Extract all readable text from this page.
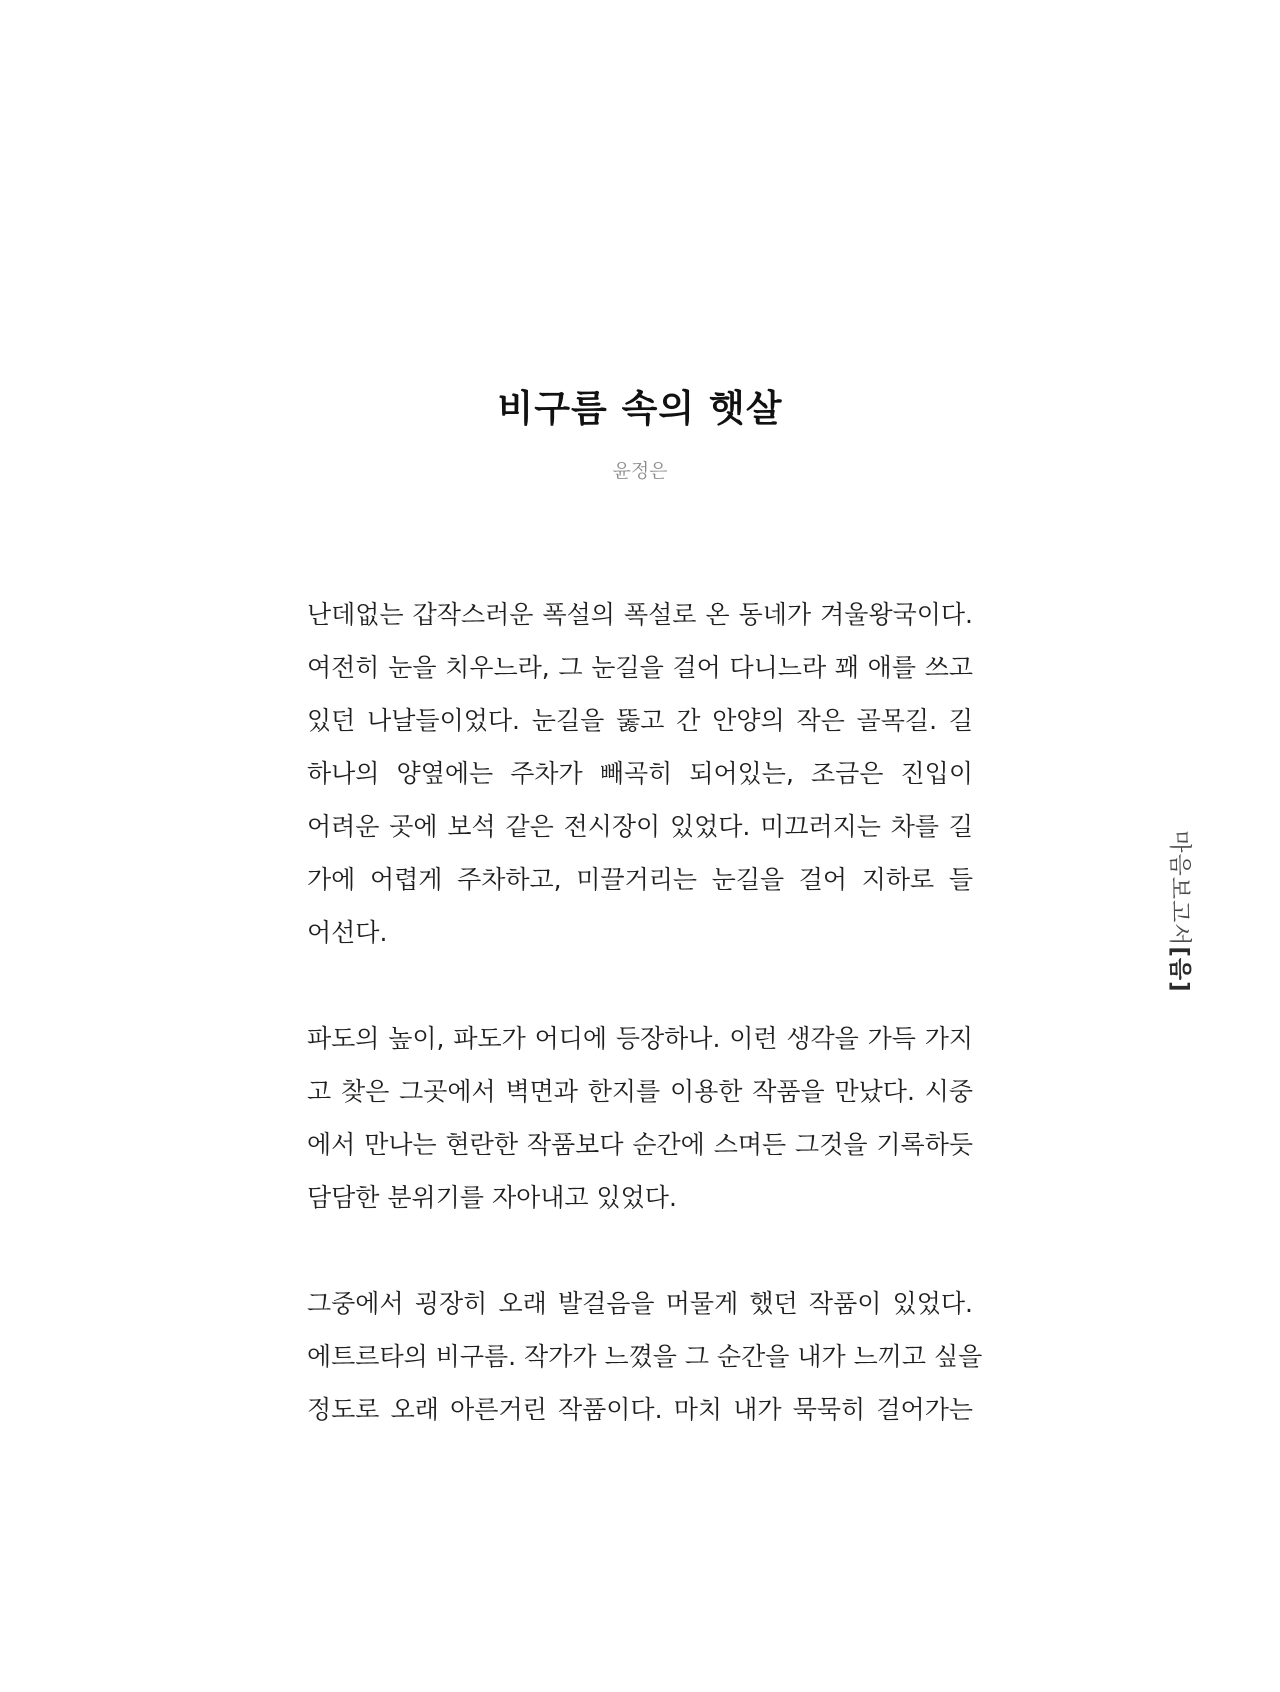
비구름 속의 햇살

윤정은

난데없는 갑작스러운 폭설의 폭설로 온 동네가 겨울왕국이다.
여전히 눈을 치우느라, 그 눈길을 걸어 다니느라 꽤 애를 쓰고
있던 나날들이었다. 눈길을 뚫고 간 안양의 작은 골목길. 길
하나의 양옆에는 주차가 빼곡히 되어있는, 조금은 진입이
어려운 곳에 보석 같은 전시장이 있었다. 미끄러지는 차를 길
가에 어렵게 주차하고, 미끌거리는 눈길을 걸어 지하로 들
어선다.
파도의 높이, 파도가 어디에 등장하나. 이런 생각을 가득 가지
고 찾은 그곳에서 벽면과 한지를 이용한 작품을 만났다. 시중
에서 만나는 현란한 작품보다 순간에 스며든 그것을 기록하듯
담담한 분위기를 자아내고 있었다.
그중에서 굉장히 오래 발걸음을 머물게 했던 작품이 있었다.
에트르타의 비구름. 작가가 느꼈을 그 순간을 내가 느끼고 싶을
정도로 오래 아른거린 작품이다. 마치 내가 묵묵히 걸어가는
마음보고서[음]
